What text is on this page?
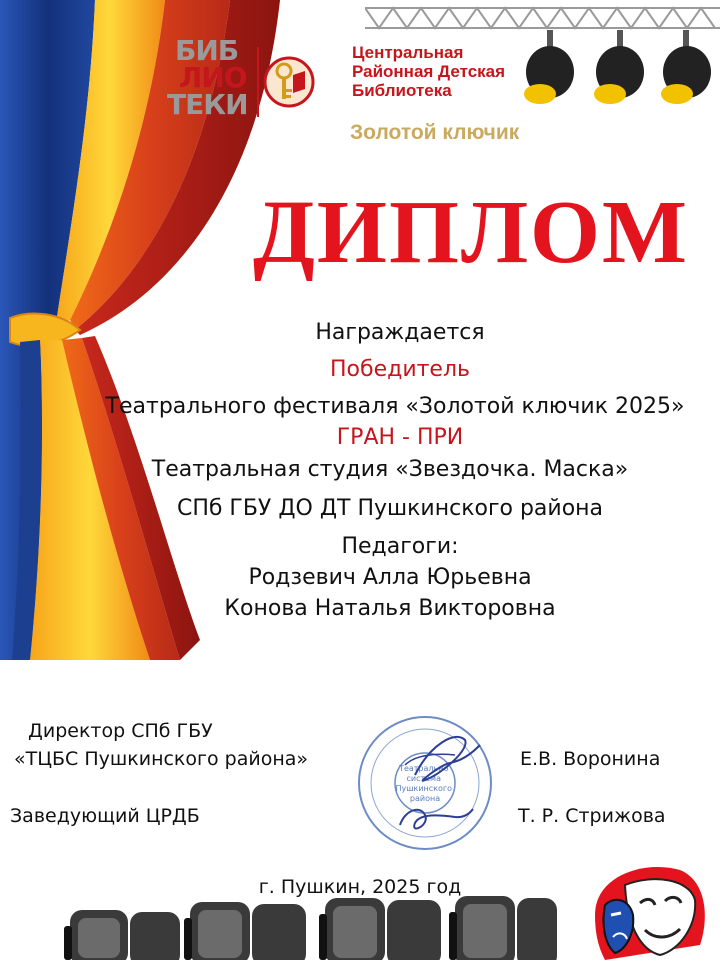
БИБ
ЛИО
ТЕКИ
Центральная
Районная Детская
Библиотека
Золотой ключик
ДИПЛОМ
Награждается
Победитель
Театрального фестиваля «Золотой ключик 2025»
ГРАН - ПРИ
Театральная студия «Звездочка. Маска»
СПб ГБУ ДО ДТ Пушкинского района
Педагоги:
Родзевич Алла Юрьевна
Конова Наталья Викторовна
Директор СПб ГБУ
«ТЦБС Пушкинского района»	Е.В. Воронина
Заведующий ЦРДБ	Т. Р. Стрижова
Театрально система Пушкинского района
г. Пушкин, 2025 год
